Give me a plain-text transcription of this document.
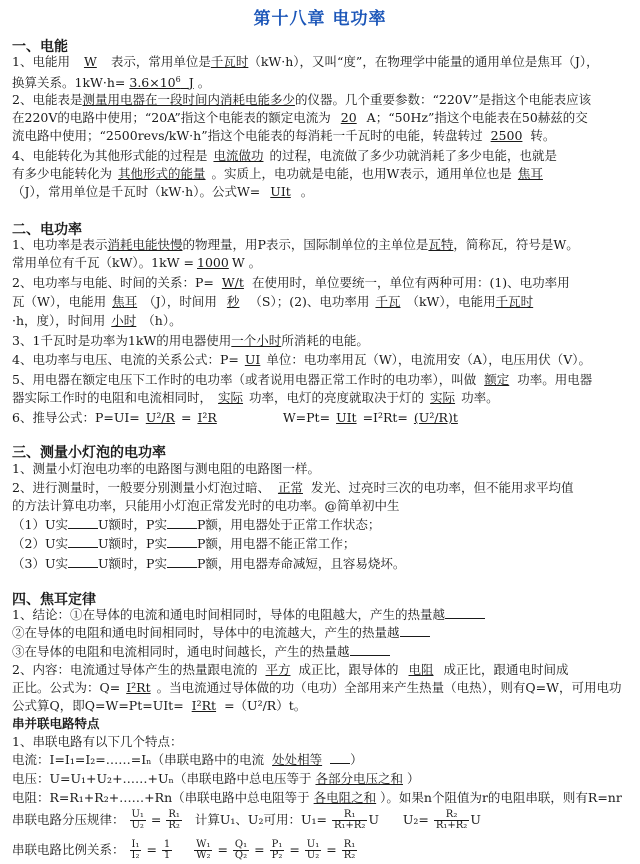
第十八章 电功率
一、电能
1、电能用 W 表示，常用单位是千瓦时（kW·h），又叫“度”，在物理学中能量的通用单位是焦耳（J），
换算关系。$1kW\cdot h= 3.6\times 10^6$ J 。
2、电能表是测量用电器在一段时间内消耗电能多少的仪器。几个重要参数：“220V”是指这个电能表应该
在220V的电路中使用；“20A”指这个电能表的额定电流为 20 A；“50Hz”指这个电能表在50赫兹的交
流电路中使用；“2500revs/kW·h”指这个电能表的每消耗一千瓦时的电能，转盘转过 2500 转。
4、电能转化为其他形式能的过程是 电流做功 的过程，电流做了多少功就消耗了多少电能，也就是
有多少电能转化为 其他形式的能量 。实质上，电功就是电能，也用W表示，通用单位也是 焦耳
（J），常用单位是千瓦时（kW·h）。公式W= UIt 。
二、电功率
1、电功率是表示消耗电能快慢的物理量，用P表示，国际制单位的主单位是瓦特，简称瓦，符号是W。
常用单位有千瓦（kW）。1kW = 1000 W 。
2、电功率与电能、时间的关系：P= W/t 在使用时，单位要统一，单位有两种可用：(1)、电功率用
瓦（W），电能用 焦耳 （J），时间用 秒 （S）；(2)、电功率用 千瓦 （kW），电能用千瓦时
·h，度），时间用 小时 （h）。
3、1千瓦时是功率为1kW的用电器使用一个小时所消耗的电能。
4、电功率与电压、电流的关系公式：P= UI 单位：电功率用瓦（W），电流用安（A），电压用伏（V）。
5、用电器在额定电压下工作时的电功率（或者说用电器正常工作时的电功率），叫做 额定 功率。用电器
器实际工作时的电阻和电流相同时， 实际 功率，电灯的亮度就取决于灯的 实际 功率。
6、推导公式：P=UI= U²/R = I²R	W=Pt= UIt =I²Rt= (U²/R)t
三、测量小灯泡的电功率
1、测量小灯泡电功率的电路图与测电阻的电路图一样。
2、进行测量时，一般要分别测量小灯泡过暗、 正常 发光、过亮时三次的电功率，但不能用求平均值
的方法计算电功率，只能用小灯泡正常发光时的电功率。@简单初中生
（1）U实 U额时，P实 P额，用电器处于正常工作状态；
（2）U实 U额时，P实 P额，用电器不能正常工作；
（3）U实 U额时，P实 P额，用电器寿命减短，且容易烧坏。
四、焦耳定律
1、结论：①在导体的电流和通电时间相同时，导体的电阻越大，产生的热量越
②在导体的电阻和通电时间相同时，导体中的电流越大，产生的热量越
③在导体的电阻和电流相同时，通电时间越长，产生的热量越
2、内容：电流通过导体产生的热量跟电流的 平方 成正比，跟导体的 电阻 成正比，跟通电时间成
正比。公式为：Q= I²Rt 。当电流通过导体做的功（电功）全部用来产生热量（电热），则有Q=W，可用电功
公式算Q，即Q=W=Pt=UIt= I²Rt =（U²/R）t。
串并联电路特点
1、串联电路有以下几个特点：
电流：I=I₁=I₂=……=Iₙ（串联电路中的电流 处处相等 ）
电压：U=U₁+U₂+……+Uₙ（串联电路中总电压等于 各部分电压之和 ）
电阻：R=R₁+R₂+……+Rn（串联电路中总电阻等于 各电阻之和 ）。如果n个阻值为r的电阻串联，则有R=nr
串联电路分压规律： $\frac{\text{U₁}}{\text{U₂}} = \frac{\text{R₁}}{\text{R₂}}$ 计算U₁、U₂可用：$U_1= \frac{\text{R₁}}{\text{R₁+R₂}}$ U $U_2= \frac{\text{R₂}}{\text{R₁+R₂}}$ U
串联电路比例关系： $\frac{\text{I₁}}{\text{I₂}} = \frac{1}{1}$
$\frac{\text{W₁}}{\text{W₂}} = \frac{\text{Q₁}}{\text{Q₂}} = \frac{\text{P₁}}{\text{P₂}} = \frac{\text{U₁}}{\text{U₂}} = \frac{\text{R₁}}{\text{R₂}}$
